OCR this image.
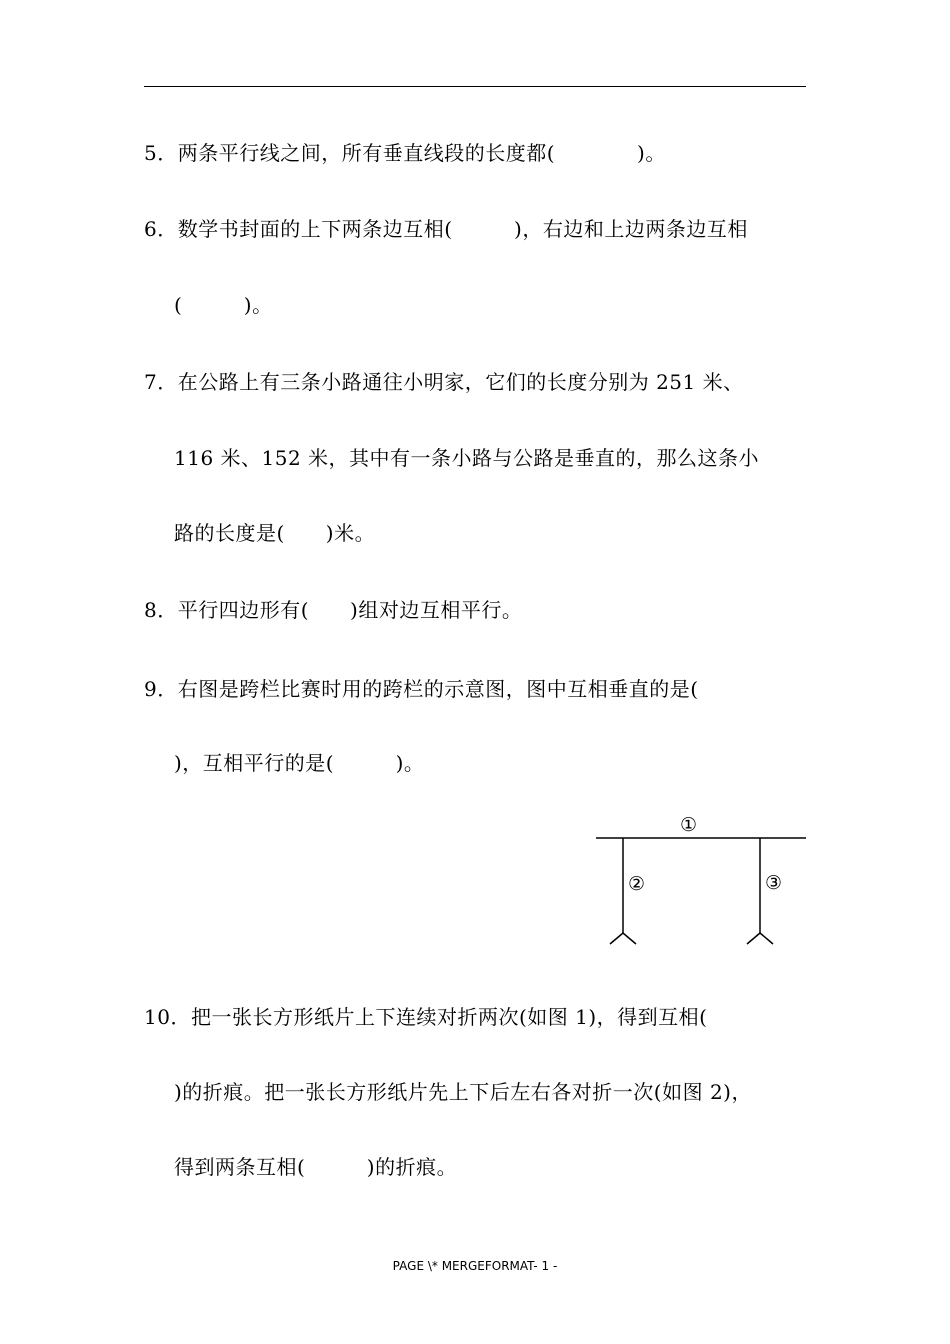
5．两条平行线之间，所有垂直线段的长度都(　　　　)。
6．数学书封面的上下两条边互相(　　　)，右边和上边两条边互相
(　　　)。
7．在公路上有三条小路通往小明家，它们的长度分别为 251 米、
116 米、152 米，其中有一条小路与公路是垂直的，那么这条小
路的长度是(　　)米。
8．平行四边形有(　　)组对边互相平行。
9．右图是跨栏比赛时用的跨栏的示意图，图中互相垂直的是(
)，互相平行的是(　　　)。
①
②	③
10．把一张长方形纸片上下连续对折两次(如图 1)，得到互相(
)的折痕。把一张长方形纸片先上下后左右各对折一次(如图 2)，
得到两条互相(　　　)的折痕。
PAGE \* MERGEFORMAT- 1 -
